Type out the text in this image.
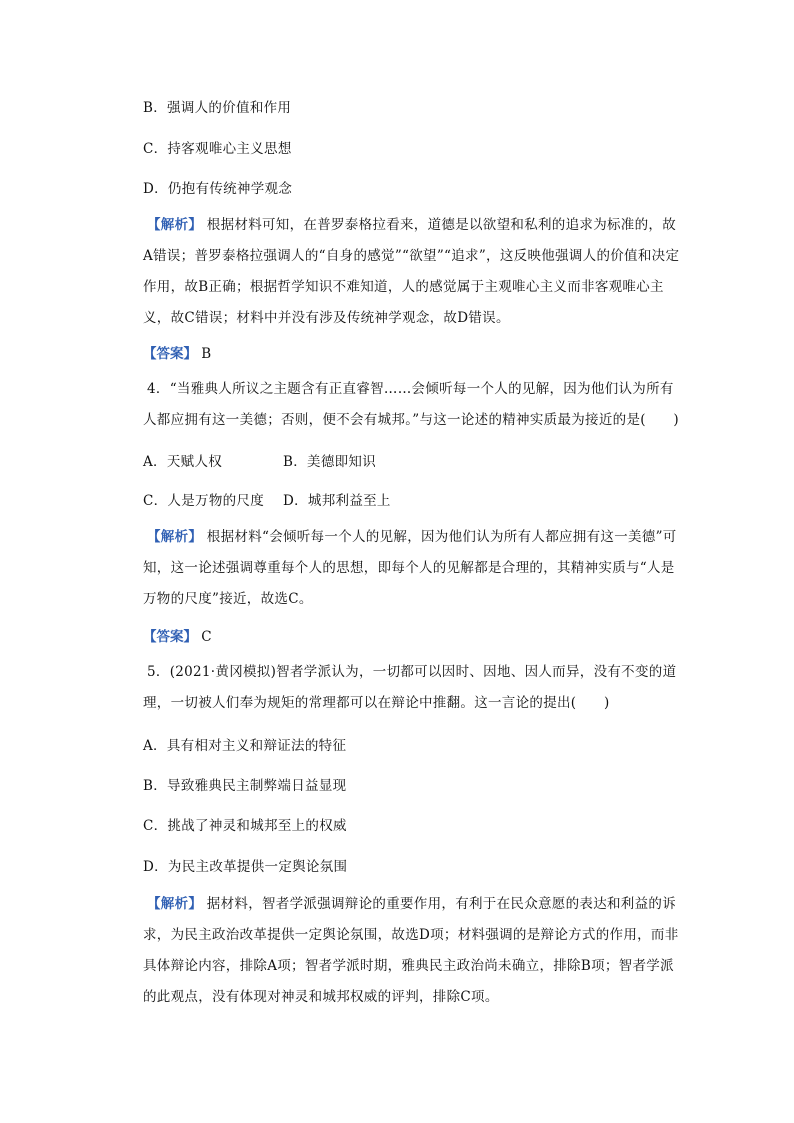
B．强调人的价值和作用
C．持客观唯心主义思想
D．仍抱有传统神学观念
【解析】 根据材料可知，在普罗泰格拉看来，道德是以欲望和私利的追求为标准的，故A错误；普罗泰格拉强调人的“自身的感觉”“欲望”“追求”，这反映他强调人的价值和决定作用，故B正确；根据哲学知识不难知道，人的感觉属于主观唯心主义而非客观唯心主义，故C错误；材料中并没有涉及传统神学观念，故D错误。
【答案】 B
4．“当雅典人所议之主题含有正直睿智……会倾听每一个人的见解，因为他们认为所有人都应拥有这一美德；否则，便不会有城邦。”与这一论述的精神实质最为接近的是(　　)
A．天赋人权	B．美德即知识
C．人是万物的尺度 D．城邦利益至上
【解析】 根据材料“会倾听每一个人的见解，因为他们认为所有人都应拥有这一美德”可知，这一论述强调尊重每个人的思想，即每个人的见解都是合理的，其精神实质与“人是万物的尺度”接近，故选C。
【答案】 C
5．(2021·黄冈模拟)智者学派认为，一切都可以因时、因地、因人而异，没有不变的道理，一切被人们奉为规矩的常理都可以在辩论中推翻。这一言论的提出(　　)
A．具有相对主义和辩证法的特征
B．导致雅典民主制弊端日益显现
C．挑战了神灵和城邦至上的权威
D．为民主改革提供一定舆论氛围
【解析】 据材料，智者学派强调辩论的重要作用，有利于在民众意愿的表达和利益的诉求，为民主政治改革提供一定舆论氛围，故选D项；材料强调的是辩论方式的作用，而非具体辩论内容，排除A项；智者学派时期，雅典民主政治尚未确立，排除B项；智者学派的此观点，没有体现对神灵和城邦权威的评判，排除C项。
